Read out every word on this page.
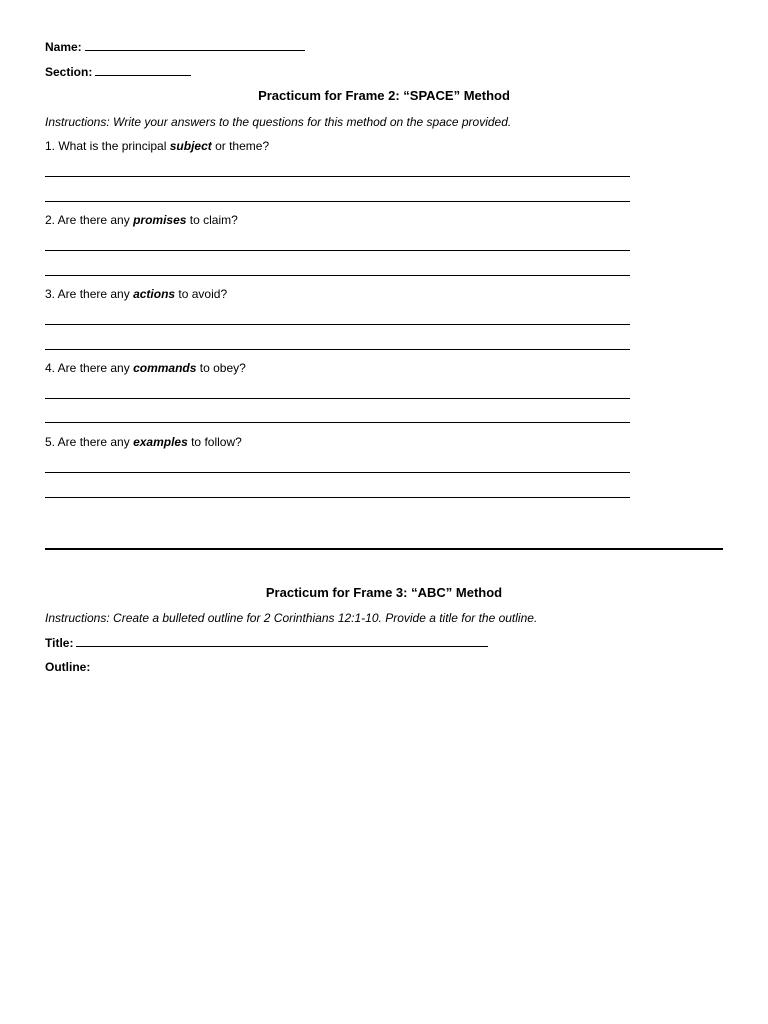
Name:
Section:
Practicum for Frame 2: “SPACE” Method
Instructions: Write your answers to the questions for this method on the space provided.
1. What is the principal subject or theme?
2. Are there any promises to claim?
3. Are there any actions to avoid?
4. Are there any commands to obey?
5. Are there any examples to follow?
Practicum for Frame 3: “ABC” Method
Instructions: Create a bulleted outline for 2 Corinthians 12:1-10. Provide a title for the outline.
Title:
Outline:
